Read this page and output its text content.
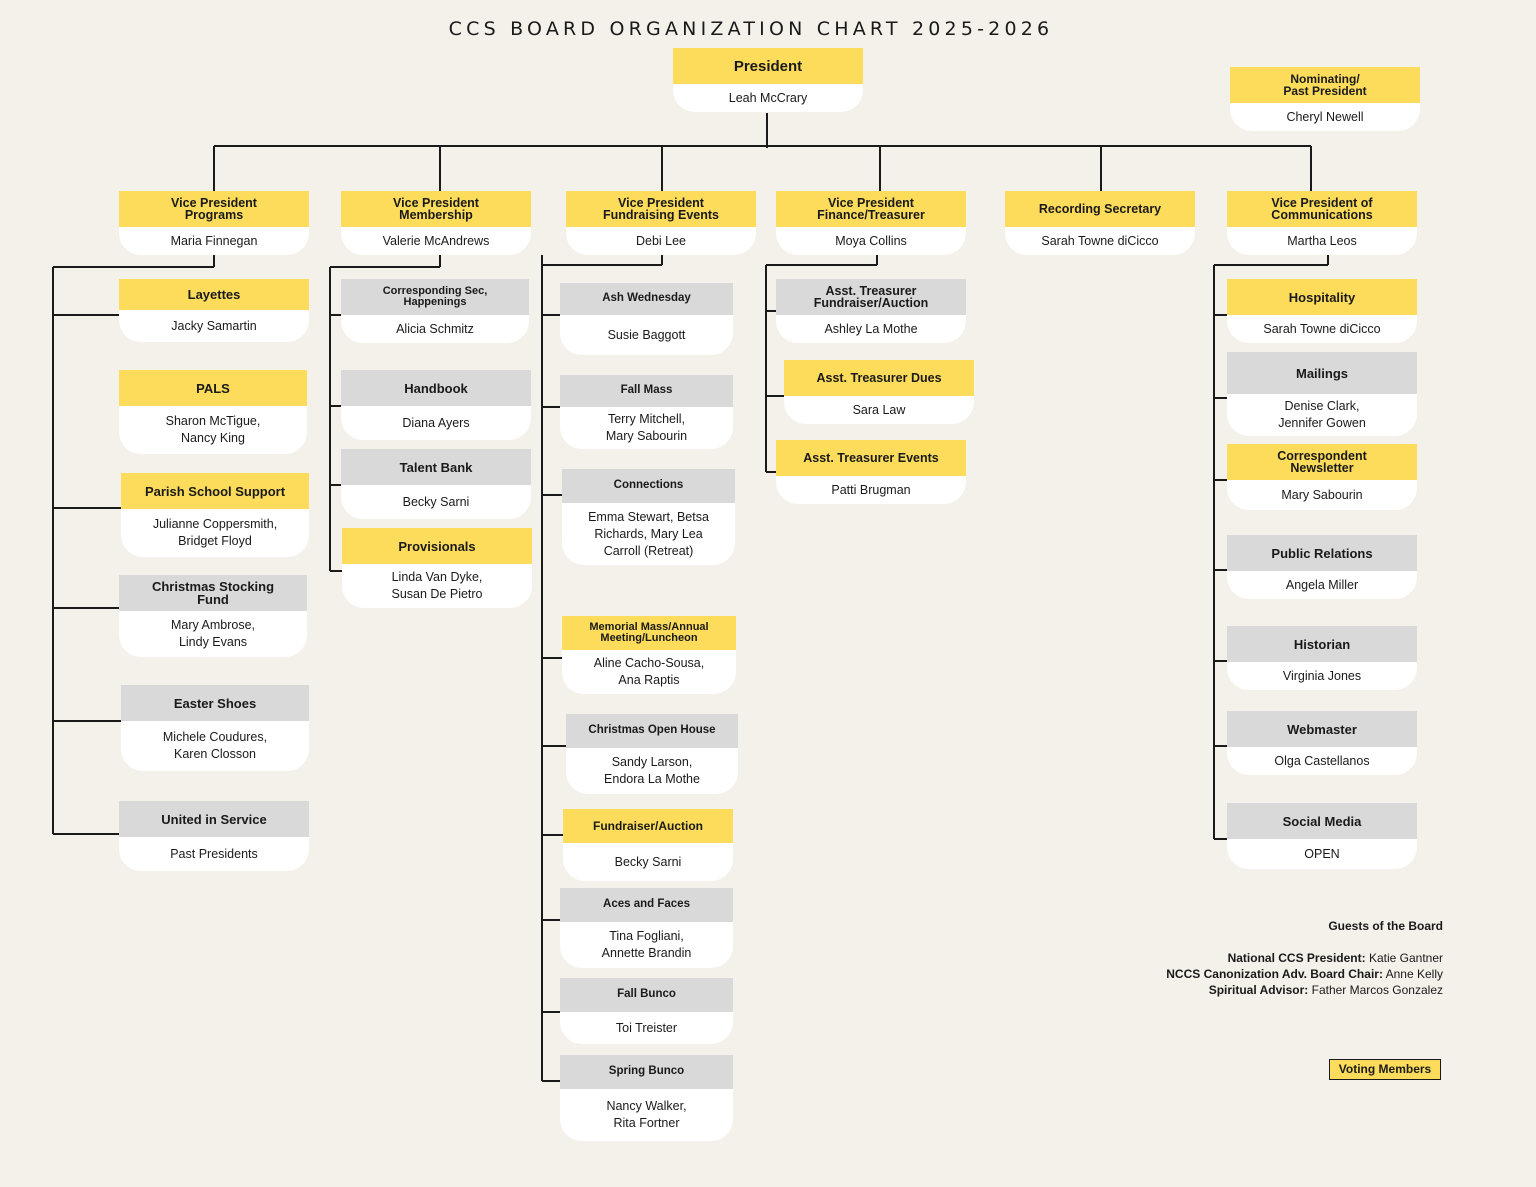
CCS BOARD ORGANIZATION CHART 2025-2026
President
Leah McCrary
Nominating/
Past President
Cheryl Newell
Vice President
Programs
Maria Finnegan
Vice President
Membership
Valerie McAndrews
Vice President
Fundraising Events
Debi Lee
Vice President
Finance/Treasurer
Moya Collins
Recording Secretary
Sarah Towne diCicco
Vice President of
Communications
Martha Leos
Layettes
Jacky Samartin
PALS
Sharon McTigue,
Nancy King
Parish School Support
Julianne Coppersmith,
Bridget Floyd
Christmas Stocking
Fund
Mary Ambrose,
Lindy Evans
Easter Shoes
Michele Coudures,
Karen Closson
United in Service
Past Presidents
Corresponding Sec,
Happenings
Alicia Schmitz
Handbook
Diana Ayers
Talent Bank
Becky Sarni
Provisionals
Linda Van Dyke,
Susan De Pietro
Ash Wednesday
Susie Baggott
Fall Mass
Terry Mitchell,
Mary Sabourin
Connections
Emma Stewart, Betsa
Richards, Mary Lea
Carroll (Retreat)
Memorial Mass/Annual
Meeting/Luncheon
Aline Cacho-Sousa,
Ana Raptis
Christmas Open House
Sandy Larson,
Endora La Mothe
Fundraiser/Auction
Becky Sarni
Aces and Faces
Tina Fogliani,
Annette Brandin
Fall Bunco
Toi Treister
Spring Bunco
Nancy Walker,
Rita Fortner
Asst. Treasurer
Fundraiser/Auction
Ashley La Mothe
Asst. Treasurer Dues
Sara Law
Asst. Treasurer Events
Patti Brugman
Hospitality
Sarah Towne diCicco
Mailings
Denise Clark,
Jennifer Gowen
Correspondent
Newsletter
Mary Sabourin
Public Relations
Angela Miller
Historian
Virginia Jones
Webmaster
Olga Castellanos
Social Media
OPEN
Guests of the Board
National CCS President: Katie Gantner
NCCS Canonization Adv. Board Chair: Anne Kelly
Spiritual Advisor: Father Marcos Gonzalez
Voting Members
